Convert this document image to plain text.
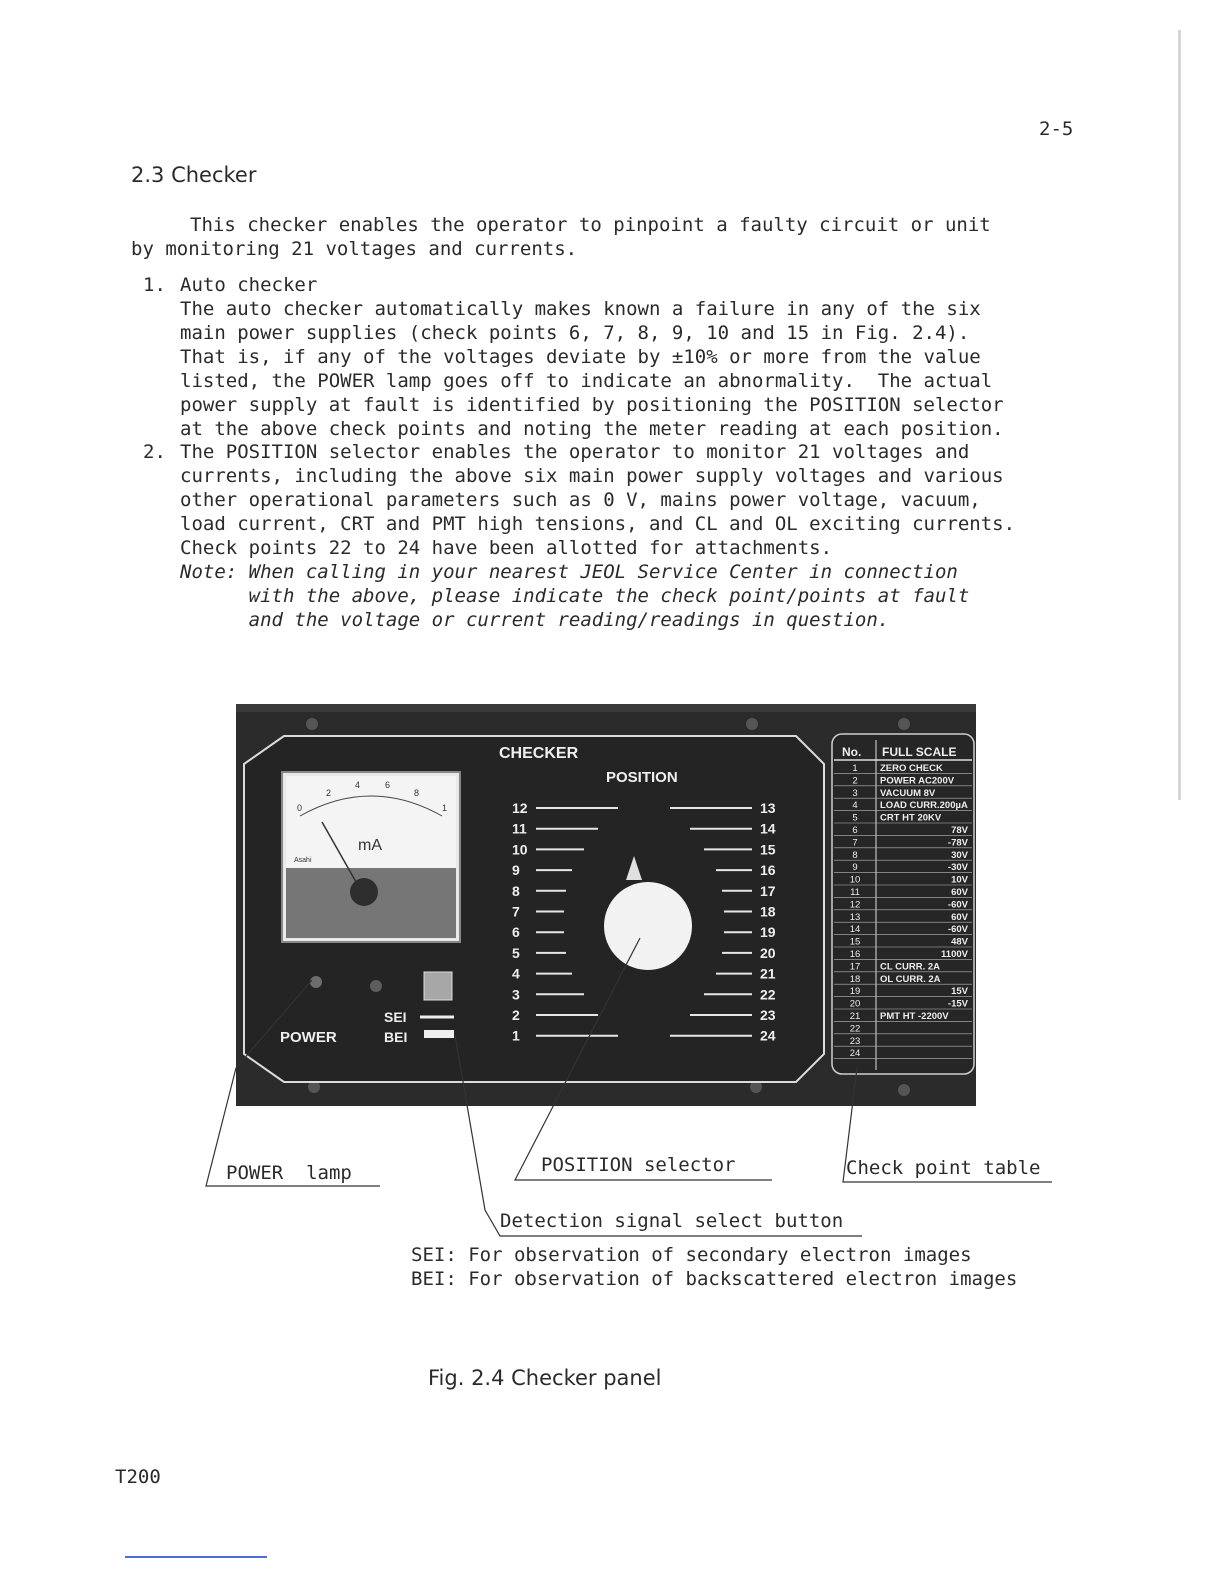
2-5
2.3 Checker
This checker enables the operator to pinpoint a faulty circuit or unit
by monitoring 21 voltages and currents.
1. Auto checker
The auto checker automatically makes known a failure in any of the six
main power supplies (check points 6, 7, 8, 9, 10 and 15 in Fig. 2.4).
That is, if any of the voltages deviate by ±10% or more from the value
listed, the POWER lamp goes off to indicate an abnormality.  The actual
power supply at fault is identified by positioning the POSITION selector
at the above check points and noting the meter reading at each position.
2. The POSITION selector enables the operator to monitor 21 voltages and
currents, including the above six main power supply voltages and various
other operational parameters such as 0 V, mains power voltage, vacuum,
load current, CRT and PMT high tensions, and CL and OL exciting currents.
Check points 22 to 24 have been allotted for attachments.
Note: When calling in your nearest JEOL Service Center in connection
with the above, please indicate the check point/points at fault
and the voltage or current reading/readings in question.
0
2
4	6
8
1
mA
Asahi
POWER
SEI
BEI
CHECKER
POSITION
12
11
10
9
8
7
6
5
4
3
2
1
13
14
15
16
17
18
19
20
21
22
23
24
No. FULL SCALE
1 ZERO CHECK
2 POWER AC200V
3 VACUUM 8V
4 LOAD CURR.200µA
5 CRT HT 20KV
6	78V
7	-78V
8	30V
9	-30V
10	10V
11	60V
12	-60V
13	60V
14	-60V
15	48V
16	1100V
17 CL CURR. 2A
18 OL CURR. 2A
19	15V
20	-15V
21 PMT HT -2200V
22
23
24
POWER  lamp	POSITION selector	Check point table
Detection signal select button
SEI: For observation of secondary electron images
BEI: For observation of backscattered electron images
Fig. 2.4 Checker panel
T200
